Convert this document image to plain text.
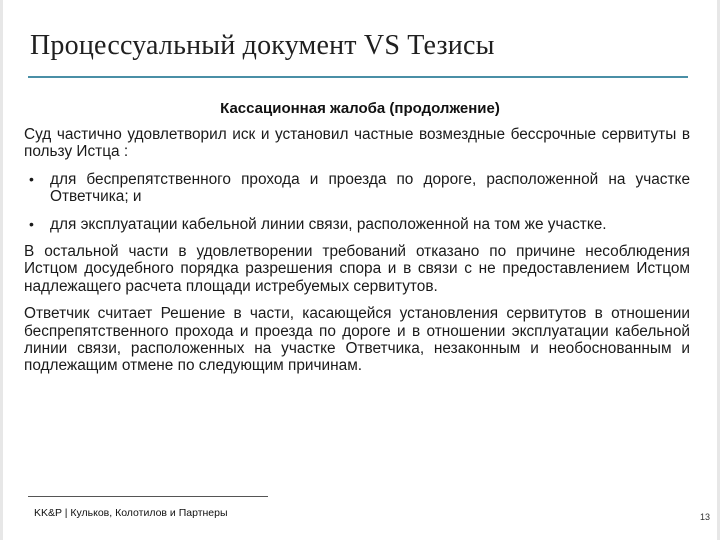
Процессуальный документ VS Тезисы
Кассационная жалоба (продолжение)

Суд частично удовлетворил иск и установил частные возмездные бессрочные сервитуты в пользу Истца :

• для беспрепятственного прохода и проезда по дороге, расположенной на участке Ответчика; и
• для эксплуатации кабельной линии связи, расположенной на том же участке.

В остальной части в удовлетворении требований отказано по причине несоблюдения Истцом досудебного порядка разрешения спора и в связи с не предоставлением Истцом надлежащего расчета площади истребуемых сервитутов.

Ответчик считает Решение в части, касающейся установления сервитутов в отношении беспрепятственного прохода и проезда по дороге и в отношении эксплуатации кабельной линии связи, расположенных на участке Ответчика, незаконным и необоснованным и подлежащим отмене по следующим причинам.

KK&P | Кульков, Колотилов и Партнеры	13
